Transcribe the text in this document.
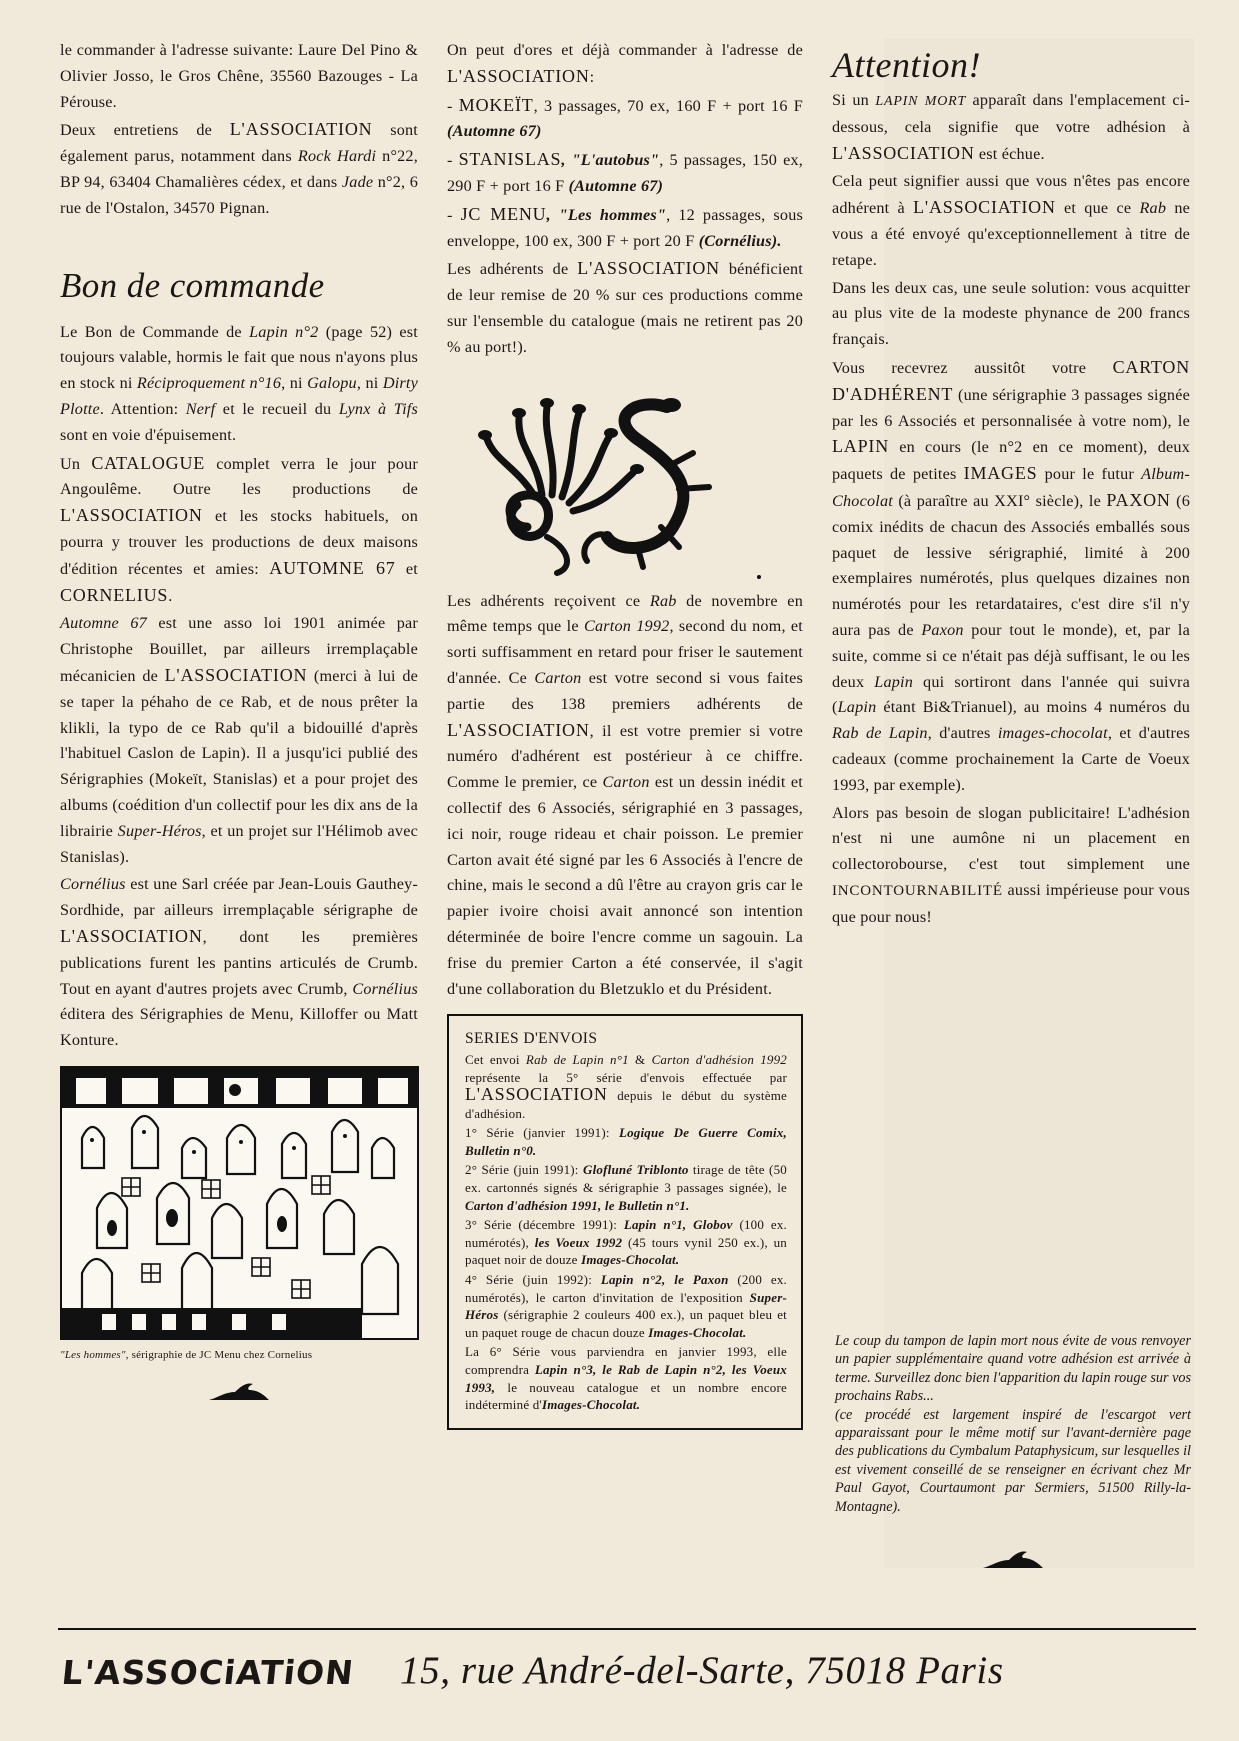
le commander à l'adresse suivante: Laure Del Pino & Olivier Josso, le Gros Chêne, 35560 Bazouges - La Pérouse.

Deux entretiens de L'ASSOCIATION sont également parus, notamment dans Rock Hardi n°22, BP 94, 63404 Chamalières cédex, et dans Jade n°2, 6 rue de l'Ostalon, 34570 Pignan.

Bon de commande

Le Bon de Commande de Lapin n°2 (page 52) est toujours valable, hormis le fait que nous n'ayons plus en stock ni Réciproquement n°16, ni Galopu, ni Dirty Plotte. Attention: Nerf et le recueil du Lynx à Tifs sont en voie d'épuisement.

Un CATALOGUE complet verra le jour pour Angoulême. Outre les productions de L'ASSOCIATION et les stocks habituels, on pourra y trouver les productions de deux maisons d'édition récentes et amies: AUTOMNE 67 et CORNELIUS.

Automne 67 est une asso loi 1901 animée par Christophe Bouillet, par ailleurs irremplaçable mécanicien de L'ASSOCIATION (merci à lui de se taper la péhaho de ce Rab, et de nous prêter la klikli, la typo de ce Rab qu'il a bidouillé d'après l'habituel Caslon de Lapin). Il a jusqu'ici publié des Sérigraphies (Mokeït, Stanislas) et a pour projet des albums (coédition d'un collectif pour les dix ans de la librairie Super-Héros, et un projet sur l'Hélimob avec Stanislas).

Cornélius est une Sarl créée par Jean-Louis Gauthey-Sordhide, par ailleurs irremplaçable sérigraphe de L'ASSOCIATION, dont les premières publications furent les pantins articulés de Crumb. Tout en ayant d'autres projets avec Crumb, Cornélius éditera des Sérigraphies de Menu, Killoffer ou Matt Konture.

"Les hommes", sérigraphie de JC Menu chez Cornelius

On peut d'ores et déjà commander à l'adresse de L'ASSOCIATION:

- MOKEÏT, 3 passages, 70 ex, 160 F + port 16 F (Automne 67)

- STANISLAS, "L'autobus", 5 passages, 150 ex, 290 F + port 16 F (Automne 67)

- JC MENU, "Les hommes", 12 passages, sous enveloppe, 100 ex, 300 F + port 20 F (Cornélius).

Les adhérents de L'ASSOCIATION bénéficient de leur remise de 20 % sur ces productions comme sur l'ensemble du catalogue (mais ne retirent pas 20 % au port!).

Les adhérents reçoivent ce Rab de novembre en même temps que le Carton 1992, second du nom, et sorti suffisamment en retard pour friser le sautement d'année. Ce Carton est votre second si vous faites partie des 138 premiers adhérents de L'ASSOCIATION, il est votre premier si votre numéro d'adhérent est postérieur à ce chiffre. Comme le premier, ce Carton est un dessin inédit et collectif des 6 Associés, sérigraphié en 3 passages, ici noir, rouge rideau et chair poisson. Le premier Carton avait été signé par les 6 Associés à l'encre de chine, mais le second a dû l'être au crayon gris car le papier ivoire choisi avait annoncé son intention déterminée de boire l'encre comme un sagouin. La frise du premier Carton a été conservée, il s'agit d'une collaboration du Bletzuklo et du Président.

SERIES D'ENVOIS

Cet envoi Rab de Lapin n°1 & Carton d'adhésion 1992 représente la 5° série d'envois effectuée par L'ASSOCIATION depuis le début du système d'adhésion.

1° Série (janvier 1991): Logique De Guerre Comix, Bulletin n°0.

2° Série (juin 1991): Glofluné Triblonto tirage de tête (50 ex. cartonnés signés & sérigraphie 3 passages signée), le Carton d'adhésion 1991, le Bulletin n°1.

3° Série (décembre 1991): Lapin n°1, Globov (100 ex. numérotés), les Voeux 1992 (45 tours vynil 250 ex.), un paquet noir de douze Images-Chocolat.

4° Série (juin 1992): Lapin n°2, le Paxon (200 ex. numérotés), le carton d'invitation de l'exposition Super-Héros (sérigraphie 2 couleurs 400 ex.), un paquet bleu et un paquet rouge de chacun douze Images-Chocolat.

La 6° Série vous parviendra en janvier 1993, elle comprendra Lapin n°3, le Rab de Lapin n°2, les Voeux 1993, le nouveau catalogue et un nombre encore indéterminé d'Images-Chocolat.

Attention!

Si un LAPIN MORT apparaît dans l'emplacement ci-dessous, cela signifie que votre adhésion à L'ASSOCIATION est échue.

Cela peut signifier aussi que vous n'êtes pas encore adhérent à L'ASSOCIATION et que ce Rab ne vous a été envoyé qu'exceptionnellement à titre de retape.

Dans les deux cas, une seule solution: vous acquitter au plus vite de la modeste phynance de 200 francs français.

Vous recevrez aussitôt votre CARTON D'ADHÉRENT (une sérigraphie 3 passages signée par les 6 Associés et personnalisée à votre nom), le LAPIN en cours (le n°2 en ce moment), deux paquets de petites IMAGES pour le futur Album-Chocolat (à paraître au XXI° siècle), le PAXON (6 comix inédits de chacun des Associés emballés sous paquet de lessive sérigraphié, limité à 200 exemplaires numérotés, plus quelques dizaines non numérotés pour les retardataires, c'est dire s'il n'y aura pas de Paxon pour tout le monde), et, par la suite, comme si ce n'était pas déjà suffisant, le ou les deux Lapin qui sortiront dans l'année qui suivra (Lapin étant Bi&Trianuel), au moins 4 numéros du Rab de Lapin, d'autres images-chocolat, et d'autres cadeaux (comme prochainement la Carte de Voeux 1993, par exemple).

Alors pas besoin de slogan publicitaire! L'adhésion n'est ni une aumône ni un placement en collectorobourse, c'est tout simplement une INCONTOURNABILITÉ aussi impérieuse pour vous que pour nous!

Le coup du tampon de lapin mort nous évite de vous renvoyer un papier supplémentaire quand votre adhésion est arrivée à terme. Surveillez donc bien l'apparition du lapin rouge sur vos prochains Rabs...

(ce procédé est largement inspiré de l'escargot vert apparaissant pour le même motif sur l'avant-dernière page des publications du Cymbalum Pataphysicum, sur lesquelles il est vivement conseillé de se renseigner en écrivant chez Mr Paul Gayot, Courtaumont par Sermiers, 51500 Rilly-la-Montagne).

L'ASSOCiATiON 15, rue André-del-Sarte, 75018 Paris
